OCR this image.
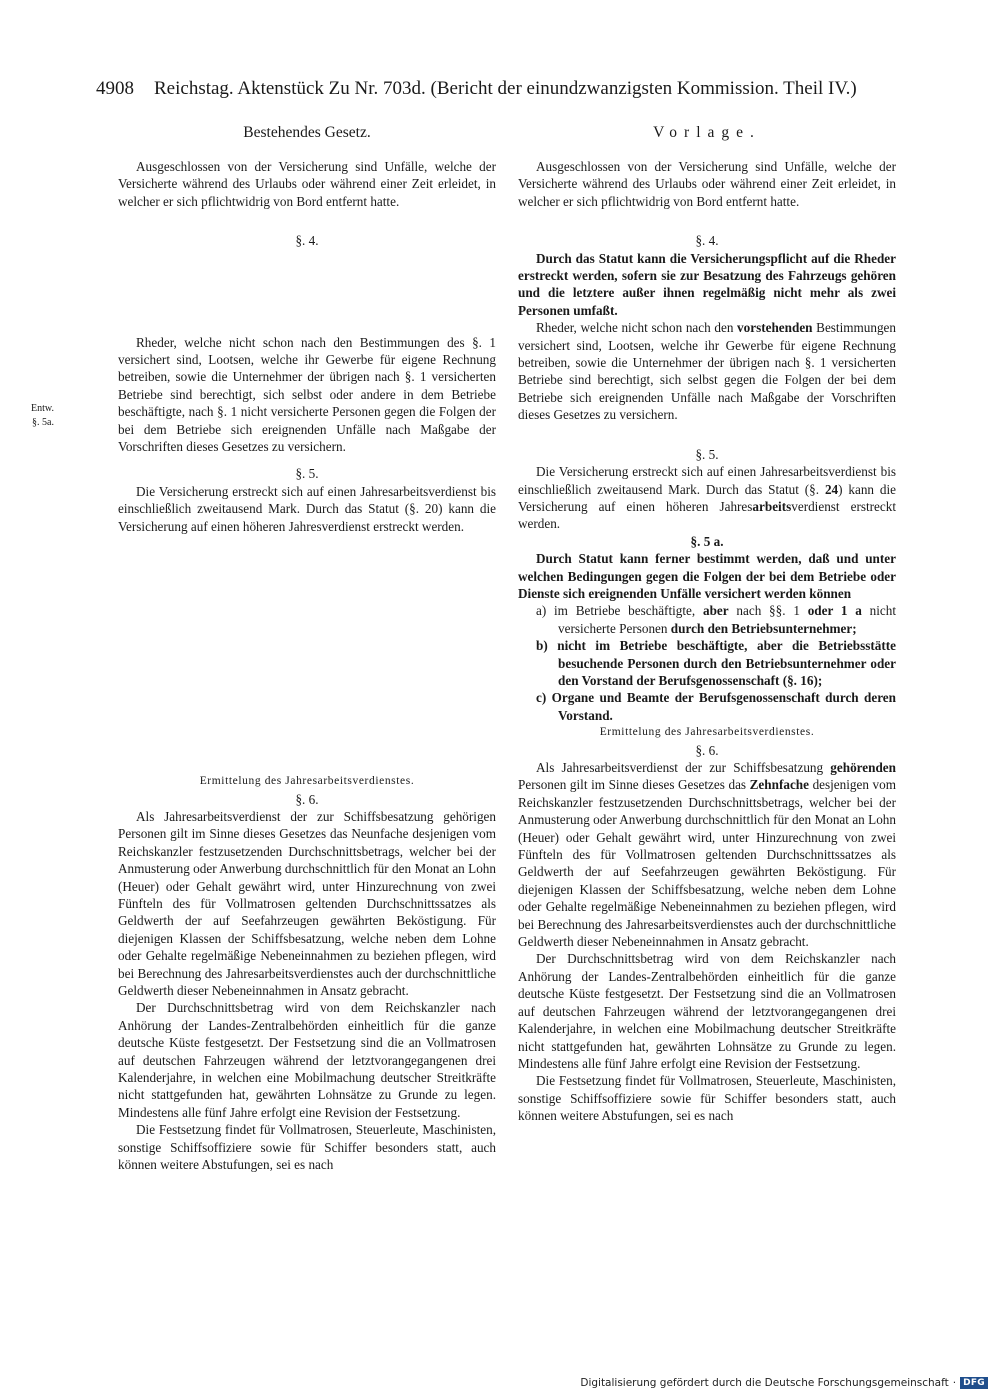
4908 Reichstag. Aktenstück Zu Nr. 703d. (Bericht der einundzwanzigsten Kommission. Theil IV.)
Entw. §. 5a.
Bestehendes Gesetz.

Ausgeschlossen von der Versicherung sind Unfälle, welche der Versicherte während des Urlaubs oder während einer Zeit erleidet, in welcher er sich pflichtwidrig von Bord entfernt hatte.

§. 4.

Rheder, welche nicht schon nach den Bestimmungen des §. 1 versichert sind, Lootsen, welche ihr Gewerbe für eigene Rechnung betreiben, sowie die Unternehmer der übrigen nach §. 1 versicherten Betriebe sind berechtigt, sich selbst oder andere in dem Betriebe beschäftigte, nach §. 1 nicht versicherte Personen gegen die Folgen der bei dem Betriebe sich ereignenden Unfälle nach Maßgabe der Vorschriften dieses Gesetzes zu versichern.

§. 5.

Die Versicherung erstreckt sich auf einen Jahresarbeitsverdienst bis einschließlich zweitausend Mark. Durch das Statut (§. 20) kann die Versicherung auf einen höheren Jahresverdienst erstreckt werden.

Ermittelung des Jahresarbeitsverdienstes.

§. 6.

Als Jahresarbeitsverdienst der zur Schiffsbesatzung gehörigen Personen gilt im Sinne dieses Gesetzes das Neunfache desjenigen vom Reichskanzler festzusetzenden Durchschnittsbetrags, welcher bei der Anmusterung oder Anwerbung durchschnittlich für den Monat an Lohn (Heuer) oder Gehalt gewährt wird, unter Hinzurechnung von zwei Fünfteln des für Vollmatrosen geltenden Durchschnittssatzes als Geldwerth der auf Seefahrzeugen gewährten Beköstigung. Für diejenigen Klassen der Schiffsbesatzung, welche neben dem Lohne oder Gehalte regelmäßige Nebeneinnahmen zu beziehen pflegen, wird bei Berechnung des Jahresarbeitsverdienstes auch der durchschnittliche Geldwerth dieser Nebeneinnahmen in Ansatz gebracht.

Der Durchschnittsbetrag wird von dem Reichskanzler nach Anhörung der Landes-Zentralbehörden einheitlich für die ganze deutsche Küste festgesetzt. Der Festsetzung sind die an Vollmatrosen auf deutschen Fahrzeugen während der letztvorangegangenen drei Kalenderjahre, in welchen eine Mobilmachung deutscher Streitkräfte nicht stattgefunden hat, gewährten Lohnsätze zu Grunde zu legen. Mindestens alle fünf Jahre erfolgt eine Revision der Festsetzung.

Die Festsetzung findet für Vollmatrosen, Steuerleute, Maschinisten, sonstige Schiffsoffiziere sowie für Schiffer besonders statt, auch können weitere Abstufungen, sei es nach

Vorlage.

Ausgeschlossen von der Versicherung sind Unfälle, welche der Versicherte während des Urlaubs oder während einer Zeit erleidet, in welcher er sich pflichtwidrig von Bord entfernt hatte.

§. 4.

Durch das Statut kann die Versicherungspflicht auf die Rheder erstreckt werden, sofern sie zur Besatzung des Fahrzeugs gehören und die letztere außer ihnen regelmäßig nicht mehr als zwei Personen umfaßt.

Rheder, welche nicht schon nach den vorstehenden Bestimmungen versichert sind, Lootsen, welche ihr Gewerbe für eigene Rechnung betreiben, sowie die Unternehmer der übrigen nach §. 1 versicherten Betriebe sind berechtigt, sich selbst gegen die Folgen der bei dem Betriebe sich ereignenden Unfälle nach Maßgabe der Vorschriften dieses Gesetzes zu versichern.

§. 5.

Die Versicherung erstreckt sich auf einen Jahresarbeitsverdienst bis einschließlich zweitausend Mark. Durch das Statut (§. 24) kann die Versicherung auf einen höheren Jahresarbeitsverdienst erstreckt werden.

§. 5 a.

Durch Statut kann ferner bestimmt werden, daß und unter welchen Bedingungen gegen die Folgen der bei dem Betriebe oder Dienste sich ereignenden Unfälle versichert werden können

a) im Betriebe beschäftigte, aber nach §§. 1 oder 1 a nicht versicherte Personen durch den Betriebsunternehmer;

b) nicht im Betriebe beschäftigte, aber die Betriebsstätte besuchende Personen durch den Betriebsunternehmer oder den Vorstand der Berufsgenossenschaft (§. 16);

c) Organe und Beamte der Berufsgenossenschaft durch deren Vorstand.

Ermittelung des Jahresarbeitsverdienstes.

§. 6.

Als Jahresarbeitsverdienst der zur Schiffsbesatzung gehörenden Personen gilt im Sinne dieses Gesetzes das Zehnfache desjenigen vom Reichskanzler festzusetzenden Durchschnittsbetrags, welcher bei der Anmusterung oder Anwerbung durchschnittlich für den Monat an Lohn (Heuer) oder Gehalt gewährt wird, unter Hinzurechnung von zwei Fünfteln des für Vollmatrosen geltenden Durchschnittssatzes als Geldwerth der auf Seefahrzeugen gewährten Beköstigung. Für diejenigen Klassen der Schiffsbesatzung, welche neben dem Lohne oder Gehalte regelmäßige Nebeneinnahmen zu beziehen pflegen, wird bei Berechnung des Jahresarbeitsverdienstes auch der durchschnittliche Geldwerth dieser Nebeneinnahmen in Ansatz gebracht.

Der Durchschnittsbetrag wird von dem Reichskanzler nach Anhörung der Landes-Zentralbehörden einheitlich für die ganze deutsche Küste festgesetzt. Der Festsetzung sind die an Vollmatrosen auf deutschen Fahrzeugen während der letztvorangegangenen drei Kalenderjahre, in welchen eine Mobilmachung deutscher Streitkräfte nicht stattgefunden hat, gewährten Lohnsätze zu Grunde zu legen. Mindestens alle fünf Jahre erfolgt eine Revision der Festsetzung.

Die Festsetzung findet für Vollmatrosen, Steuerleute, Maschinisten, sonstige Schiffsoffiziere sowie für Schiffer besonders statt, auch können weitere Abstufungen, sei es nach

Digitalisierung gefördert durch die Deutsche Forschungsgemeinschaft · DFG
